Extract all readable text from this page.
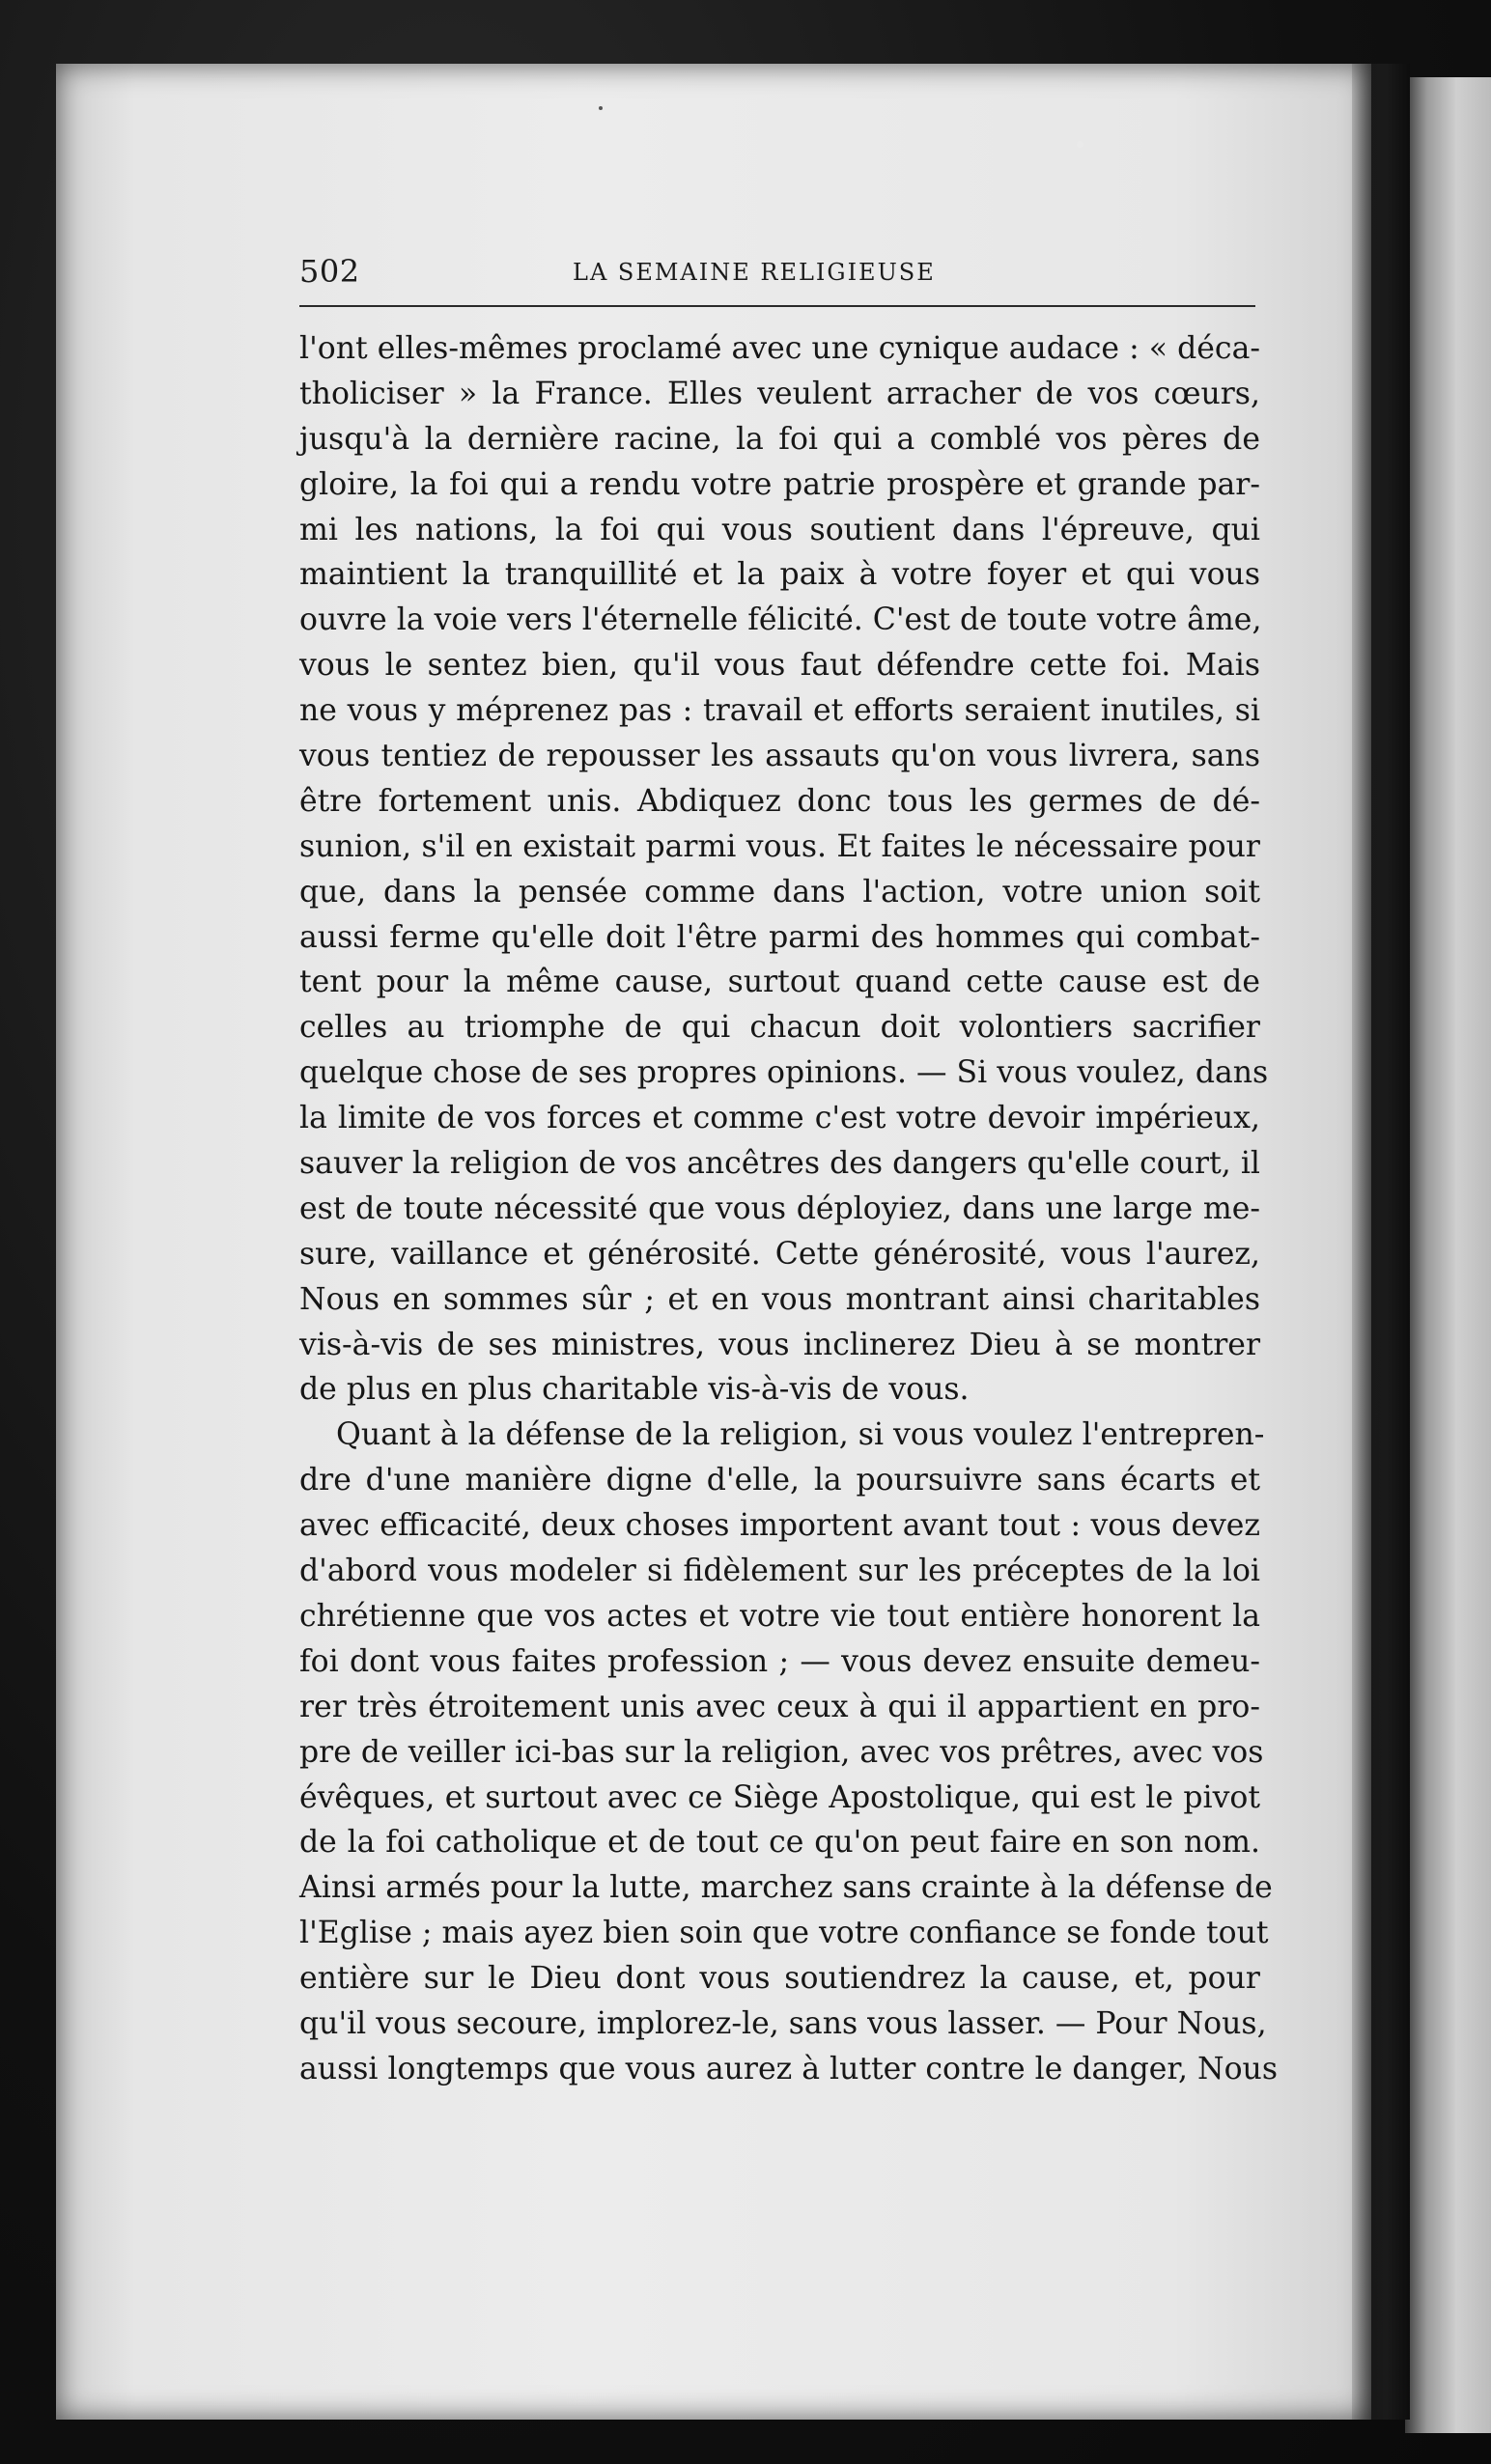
502	LA SEMAINE RELIGIEUSE
l'ont elles-mêmes proclamé avec une cynique audace : « déca-
tholiciser » la France. Elles veulent arracher de vos cœurs,
jusqu'à la dernière racine, la foi qui a comblé vos pères de
gloire, la foi qui a rendu votre patrie prospère et grande par-
mi les nations, la foi qui vous soutient dans l'épreuve, qui
maintient la tranquillité et la paix à votre foyer et qui vous
ouvre la voie vers l'éternelle félicité. C'est de toute votre âme,
vous le sentez bien, qu'il vous faut défendre cette foi. Mais
ne vous y méprenez pas : travail et efforts seraient inutiles, si
vous tentiez de repousser les assauts qu'on vous livrera, sans
être fortement unis. Abdiquez donc tous les germes de dé-
sunion, s'il en existait parmi vous. Et faites le nécessaire pour
que, dans la pensée comme dans l'action, votre union soit
aussi ferme qu'elle doit l'être parmi des hommes qui combat-
tent pour la même cause, surtout quand cette cause est de
celles au triomphe de qui chacun doit volontiers sacrifier
quelque chose de ses propres opinions. — Si vous voulez, dans
la limite de vos forces et comme c'est votre devoir impérieux,
sauver la religion de vos ancêtres des dangers qu'elle court, il
est de toute nécessité que vous déployiez, dans une large me-
sure, vaillance et générosité. Cette générosité, vous l'aurez,
Nous en sommes sûr ; et en vous montrant ainsi charitables
vis-à-vis de ses ministres, vous inclinerez Dieu à se montrer
de plus en plus charitable vis-à-vis de vous.
Quant à la défense de la religion, si vous voulez l'entrepren-
dre d'une manière digne d'elle, la poursuivre sans écarts et
avec efficacité, deux choses importent avant tout : vous devez
d'abord vous modeler si fidèlement sur les préceptes de la loi
chrétienne que vos actes et votre vie tout entière honorent la
foi dont vous faites profession ; — vous devez ensuite demeu-
rer très étroitement unis avec ceux à qui il appartient en pro-
pre de veiller ici-bas sur la religion, avec vos prêtres, avec vos
évêques, et surtout avec ce Siège Apostolique, qui est le pivot
de la foi catholique et de tout ce qu'on peut faire en son nom.
Ainsi armés pour la lutte, marchez sans crainte à la défense de
l'Eglise ; mais ayez bien soin que votre confiance se fonde tout
entière sur le Dieu dont vous soutiendrez la cause, et, pour
qu'il vous secoure, implorez-le, sans vous lasser. — Pour Nous,
aussi longtemps que vous aurez à lutter contre le danger, Nous
